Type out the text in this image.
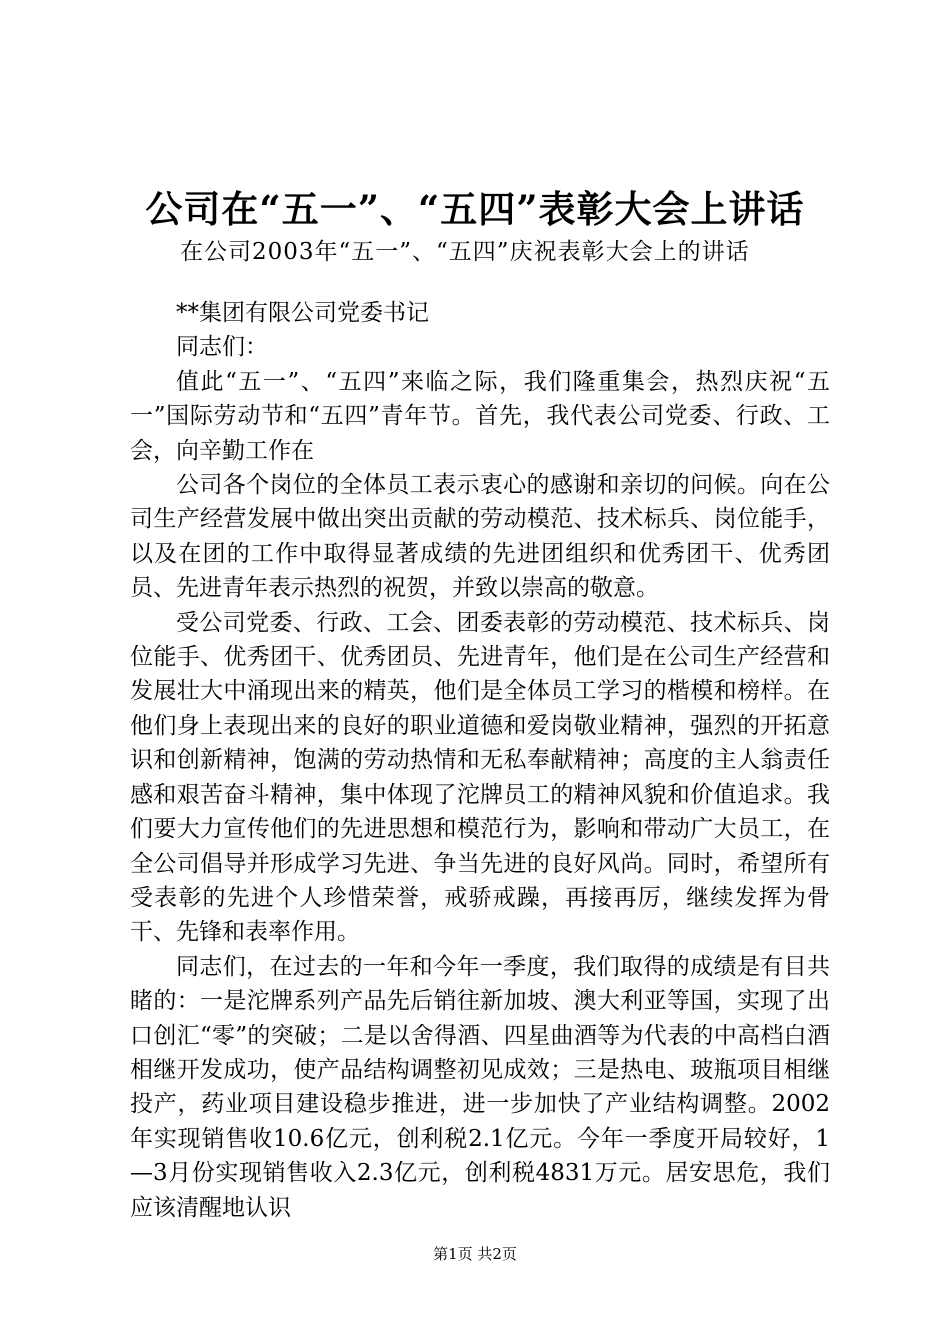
公司在“五一”、“五四”表彰大会上讲话
在公司2003年“五一”、“五四”庆祝表彰大会上的讲话

**集团有限公司党委书记

同志们：

值此“五一”、“五四”来临之际，我们隆重集会，热烈庆祝“五一”国际劳动节和“五四”青年节。首先，我代表公司党委、行政、工会，向辛勤工作在

公司各个岗位的全体员工表示衷心的感谢和亲切的问候。向在公司生产经营发展中做出突出贡献的劳动模范、技术标兵、岗位能手，以及在团的工作中取得显著成绩的先进团组织和优秀团干、优秀团员、先进青年表示热烈的祝贺，并致以崇高的敬意。

受公司党委、行政、工会、团委表彰的劳动模范、技术标兵、岗位能手、优秀团干、优秀团员、先进青年，他们是在公司生产经营和发展壮大中涌现出来的精英，他们是全体员工学习的楷模和榜样。在他们身上表现出来的良好的职业道德和爱岗敬业精神，强烈的开拓意识和创新精神，饱满的劳动热情和无私奉献精神；高度的主人翁责任感和艰苦奋斗精神，集中体现了沱牌员工的精神风貌和价值追求。我们要大力宣传他们的先进思想和模范行为，影响和带动广大员工，在全公司倡导并形成学习先进、争当先进的良好风尚。同时，希望所有受表彰的先进个人珍惜荣誉，戒骄戒躁，再接再厉，继续发挥为骨干、先锋和表率作用。

同志们，在过去的一年和今年一季度，我们取得的成绩是有目共睹的：一是沱牌系列产品先后销往新加坡、澳大利亚等国，实现了出口创汇“零”的突破；二是以舍得酒、四星曲酒等为代表的中高档白酒相继开发成功，使产品结构调整初见成效；三是热电、玻瓶项目相继投产，药业项目建设稳步推进，进一步加快了产业结构调整。2002年实现销售收10.6亿元，创利税2.1亿元。今年一季度开局较好，1—3月份实现销售收入2.3亿元，创利税4831万元。居安思危，我们应该清醒地认识

第1页 共2页
